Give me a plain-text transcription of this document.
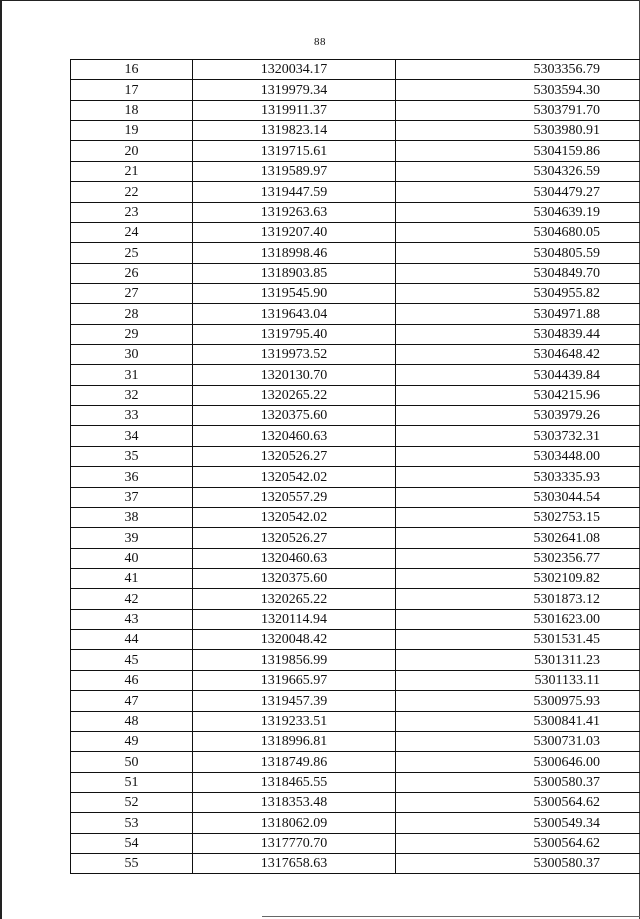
88
16	1320034.17	5303356.79
17	1319979.34	5303594.30
18	1319911.37	5303791.70
19	1319823.14	5303980.91
20	1319715.61	5304159.86
21	1319589.97	5304326.59
22	1319447.59	5304479.27
23	1319263.63	5304639.19
24	1319207.40	5304680.05
25	1318998.46	5304805.59
26	1318903.85	5304849.70
27	1319545.90	5304955.82
28	1319643.04	5304971.88
29	1319795.40	5304839.44
30	1319973.52	5304648.42
31	1320130.70	5304439.84
32	1320265.22	5304215.96
33	1320375.60	5303979.26
34	1320460.63	5303732.31
35	1320526.27	5303448.00
36	1320542.02	5303335.93
37	1320557.29	5303044.54
38	1320542.02	5302753.15
39	1320526.27	5302641.08
40	1320460.63	5302356.77
41	1320375.60	5302109.82
42	1320265.22	5301873.12
43	1320114.94	5301623.00
44	1320048.42	5301531.45
45	1319856.99	5301311.23
46	1319665.97	5301133.11
47	1319457.39	5300975.93
48	1319233.51	5300841.41
49	1318996.81	5300731.03
50	1318749.86	5300646.00
51	1318465.55	5300580.37
52	1318353.48	5300564.62
53	1318062.09	5300549.34
54	1317770.70	5300564.62
55	1317658.63	5300580.37
